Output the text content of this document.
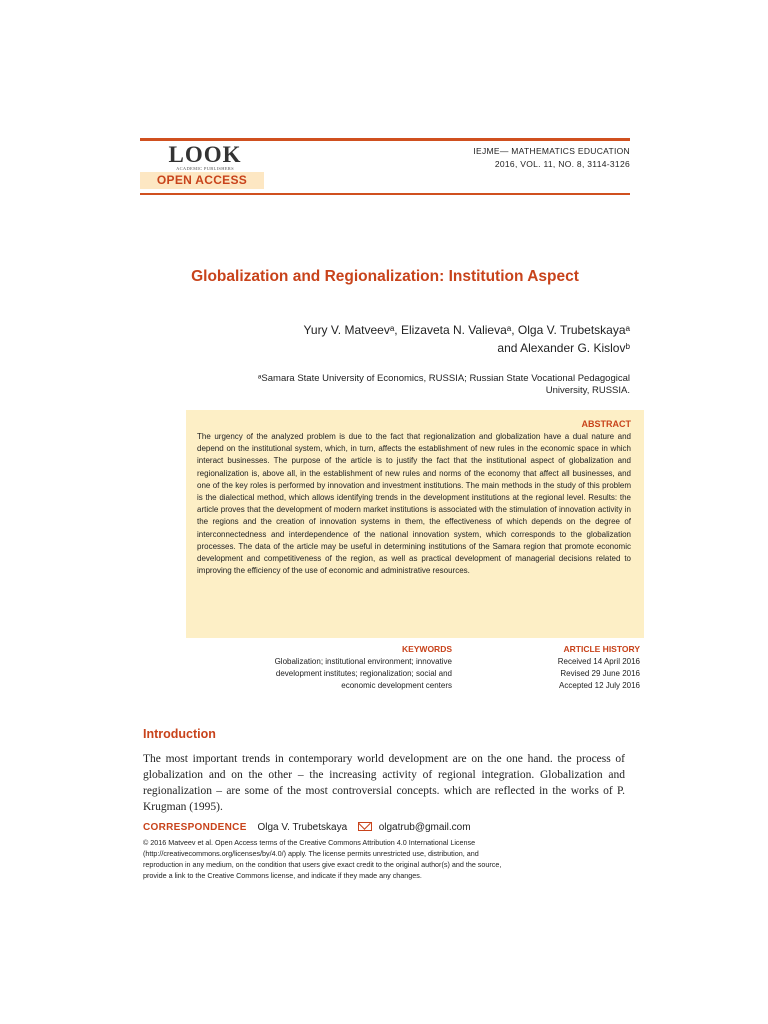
LOOK
ACADEMIC PUBLISHERS
OPEN ACCESS
IEJME— MATHEMATICS EDUCATION
2016, VOL. 11, NO. 8, 3114-3126
Globalization and Regionalization: Institution Aspect
Yury V. Matveevᵃ, Elizaveta N. Valievaᵃ, Olga V. Trubetskayaᵃ
and Alexander G. Kislovᵇ
ᵃSamara State University of Economics, RUSSIA; Russian State Vocational Pedagogical
University, RUSSIA.
ABSTRACT
The urgency of the analyzed problem is due to the fact that regionalization and globalization have a dual nature and depend on the institutional system, which, in turn, affects the establishment of new rules in the economic space in which interact businesses. The purpose of the article is to justify the fact that the institutional aspect of globalization and regionalization is, above all, in the establishment of new rules and norms of the economy that affect all businesses, and one of the key roles is performed by innovation and investment institutions. The main methods in the study of this problem is the dialectical method, which allows identifying trends in the development institutions at the regional level. Results: the article proves that the development of modern market institutions is associated with the stimulation of innovation activity in the regions and the creation of innovation systems in them, the effectiveness of which depends on the degree of interconnectedness and interdependence of the national innovation system, which corresponds to the globalization processes. The data of the article may be useful in determining institutions of the Samara region that promote economic development and competitiveness of the region, as well as practical development of managerial decisions related to improving the efficiency of the use of economic and administrative resources.
KEYWORDS
Globalization; institutional environment; innovative
development institutes; regionalization; social and
economic development centers
ARTICLE HISTORY
Received 14 April 2016
Revised 29 June 2016
Accepted 12 July 2016
Introduction
The most important trends in contemporary world development are on the one hand. the process of globalization and on the other – the increasing activity of regional integration. Globalization and regionalization – are some of the most controversial concepts. which are reflected in the works of P. Krugman (1995).
CORRESPONDENCE Olga V. Trubetskaya	olgatrub@gmail.com
© 2016 Matveev et al. Open Access terms of the Creative Commons Attribution 4.0 International License
(http://creativecommons.org/licenses/by/4.0/) apply. The license permits unrestricted use, distribution, and
reproduction in any medium, on the condition that users give exact credit to the original author(s) and the source,
provide a link to the Creative Commons license, and indicate if they made any changes.
